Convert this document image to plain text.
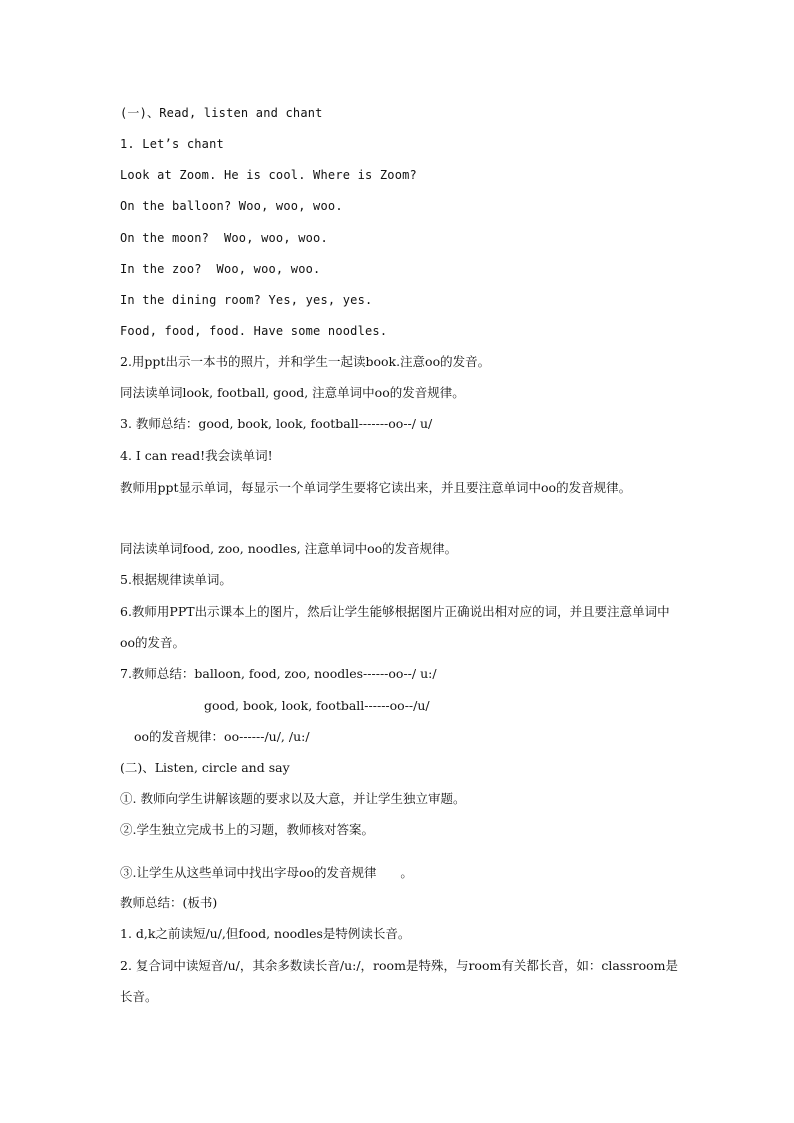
(一)、Read, listen and chant
1. Let’s chant
Look at Zoom. He is cool. Where is Zoom?
On the balloon? Woo, woo, woo.
On the moon?  Woo, woo, woo.
In the zoo?  Woo, woo, woo.
In the dining room? Yes, yes, yes.
Food, food, food. Have some noodles.
2.用ppt出示一本书的照片，并和学生一起读book.注意oo的发音。
同法读单词look, football, good, 注意单词中oo的发音规律。
3. 教师总结：good, book, look, football-------oo--/ u/
4. I can read!我会读单词!
教师用ppt显示单词，每显示一个单词学生要将它读出来，并且要注意单词中oo的发音规律。
同法读单词food, zoo, noodles, 注意单词中oo的发音规律。
5.根据规律读单词。
6.教师用PPT出示课本上的图片，然后让学生能够根据图片正确说出相对应的词，并且要注意单词中oo的发音。
7.教师总结：balloon, food, zoo, noodles------oo--/ u:/
good, book, look, football------oo--/u/
oo的发音规律：oo------/u/, /u:/
(二)、Listen, circle and say
①. 教师向学生讲解该题的要求以及大意，并让学生独立审题。
②.学生独立完成书上的习题，教师核对答案。
③.让学生从这些单词中找出字母oo的发音规律      。
教师总结：(板书)
1. d,k之前读短/u/,但food, noodles是特例读长音。
2. 复合词中读短音/u/，其余多数读长音/u:/，room是特殊，与room有关都长音，如：classroom是长音。
